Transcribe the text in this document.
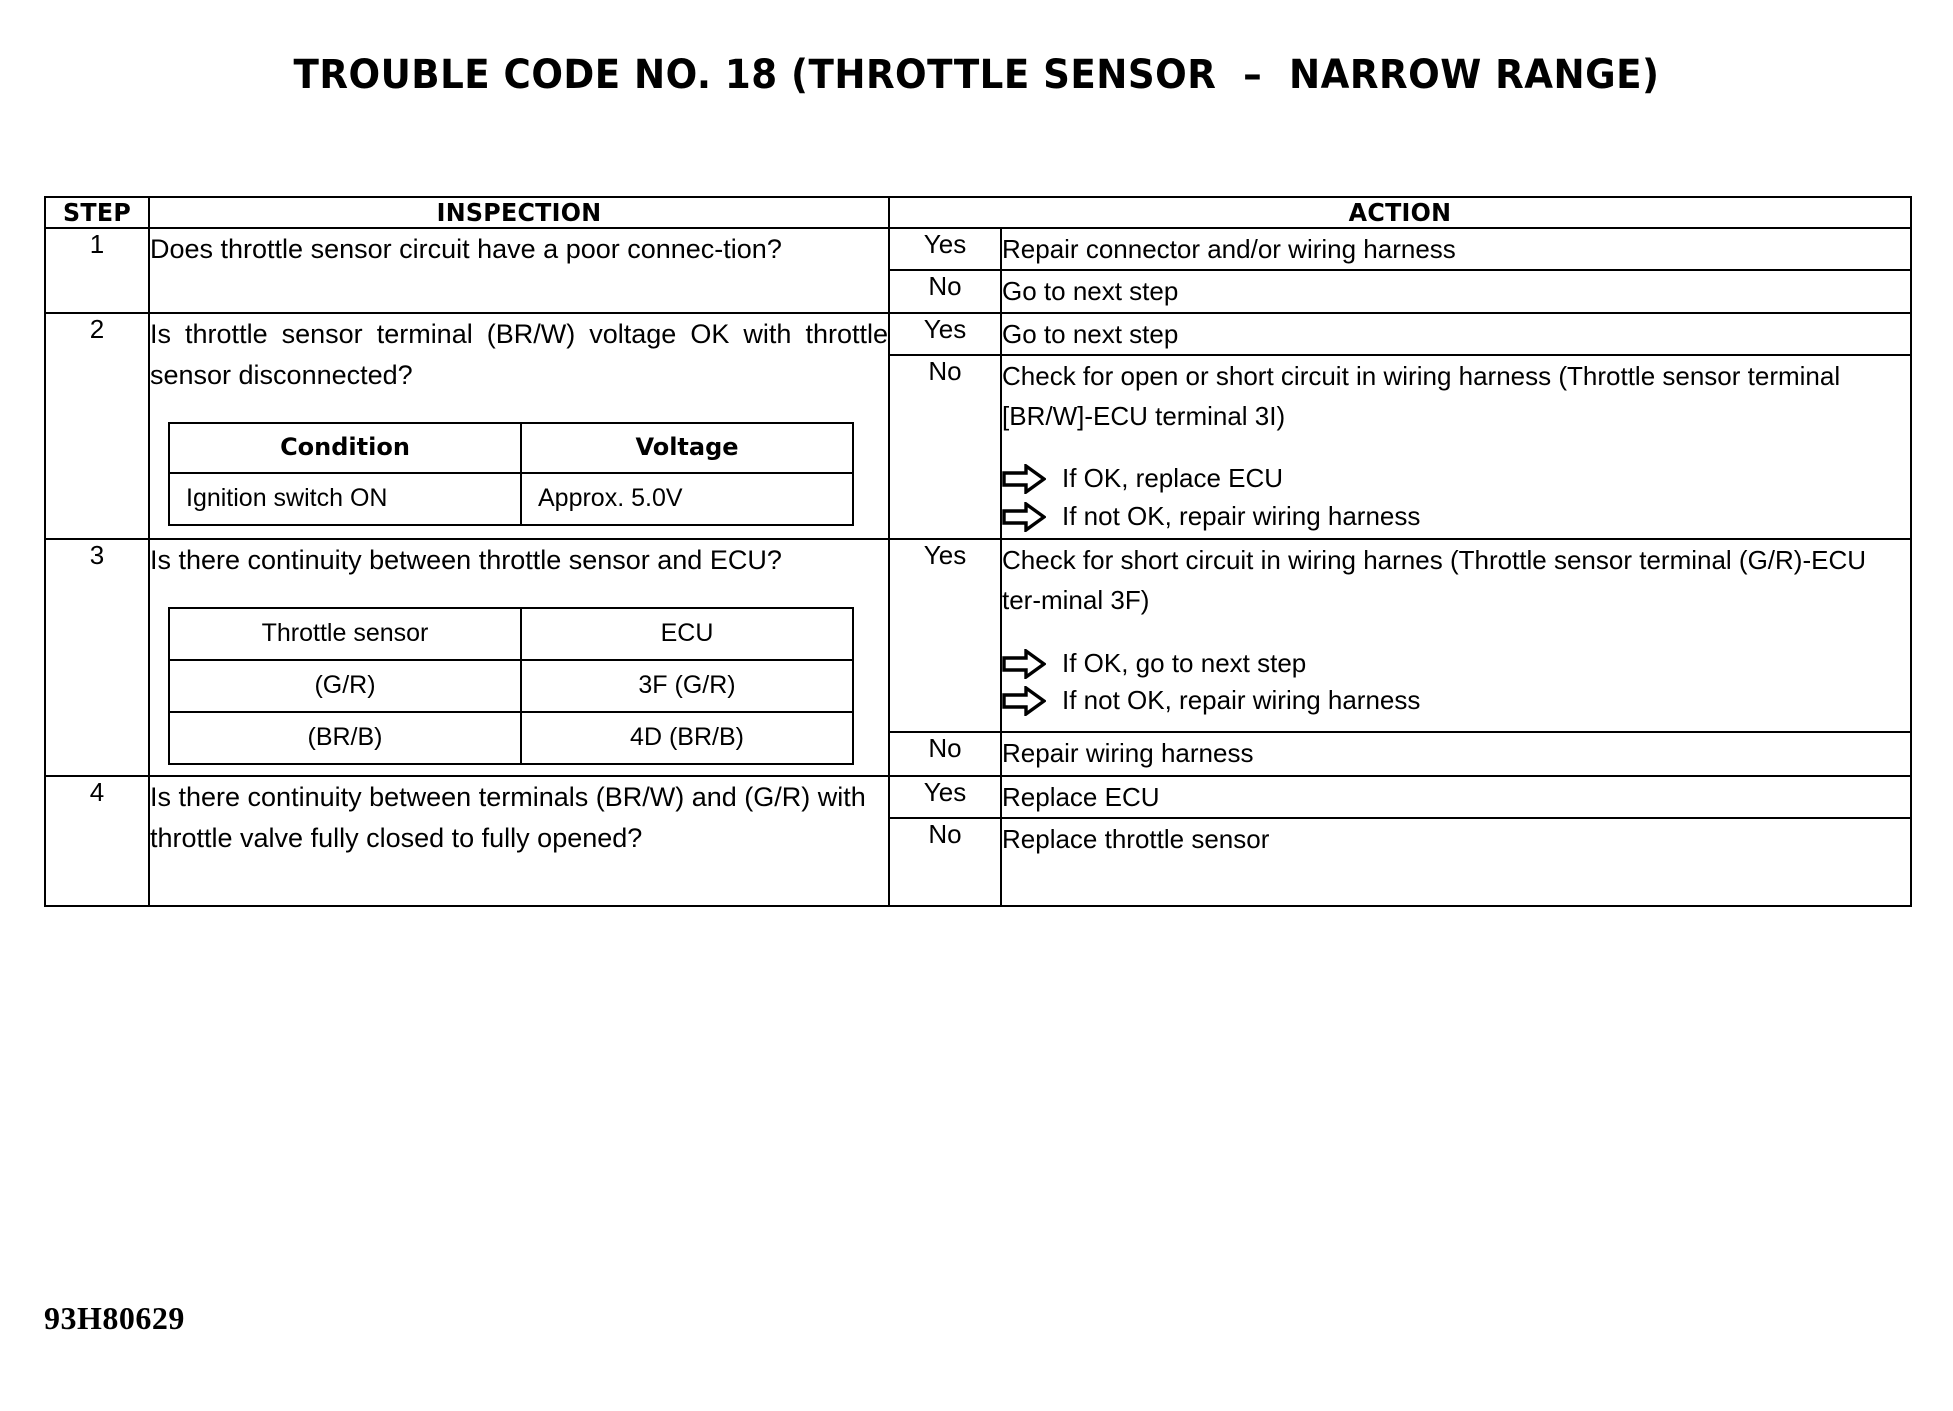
TROUBLE CODE NO. 18 (THROTTLE SENSOR  –  NARROW RANGE)
STEP	INSPECTION	ACTION
1	Does throttle sensor circuit have a poor connec-tion?	Yes	Repair connector and/or wiring harness

No	Go to next step

2	Is throttle sensor terminal (BR/W) voltage OK with throttle sensor disconnected?
Condition	Voltage
Ignition switch ON	Approx. 5.0V
	Yes	Go to next step

No	Check for open or short circuit in wiring harness (Throttle sensor terminal [BR/W]-ECU terminal 3I)
If OK, replace ECU
If not OK, repair wiring harness

3	Is there continuity between throttle sensor and ECU?
Throttle sensor	ECU
(G/R)	3F (G/R)
(BR/B)	4D (BR/B)
	Yes	Check for short circuit in wiring harnes (Throttle sensor terminal (G/R)-ECU ter-minal 3F)
If OK, go to next step
If not OK, repair wiring harness

No	Repair wiring harness

4	Is there continuity between terminals (BR/W) and (G/R) with throttle valve fully closed to fully opened?
	Yes	Replace ECU

No	Replace throttle sensor
93H80629
